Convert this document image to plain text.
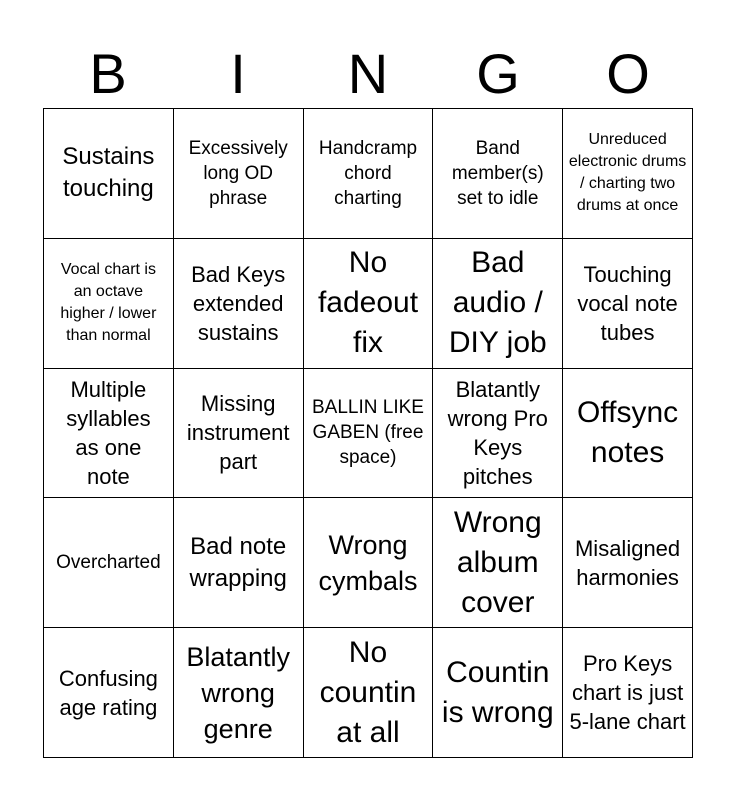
B	I	N	G	O
Sustains touching
Excessively long OD phrase
Handcramp chord charting
Band member(s) set to idle
Unreduced electronic drums / charting two drums at once
Vocal chart is an octave higher / lower than normal
Bad Keys extended sustains
No fadeout fix
Bad audio / DIY job
Touching vocal note tubes
Multiple syllables as one note
Missing instrument part
BALLIN LIKE GABEN (free space)
Blatantly wrong Pro Keys pitches
Offsync notes
Overcharted
Bad note wrapping
Wrong cymbals
Wrong album cover
Misaligned harmonies
Confusing age rating
Blatantly wrong genre
No countin at all
Countin is wrong
Pro Keys chart is just 5-lane chart
